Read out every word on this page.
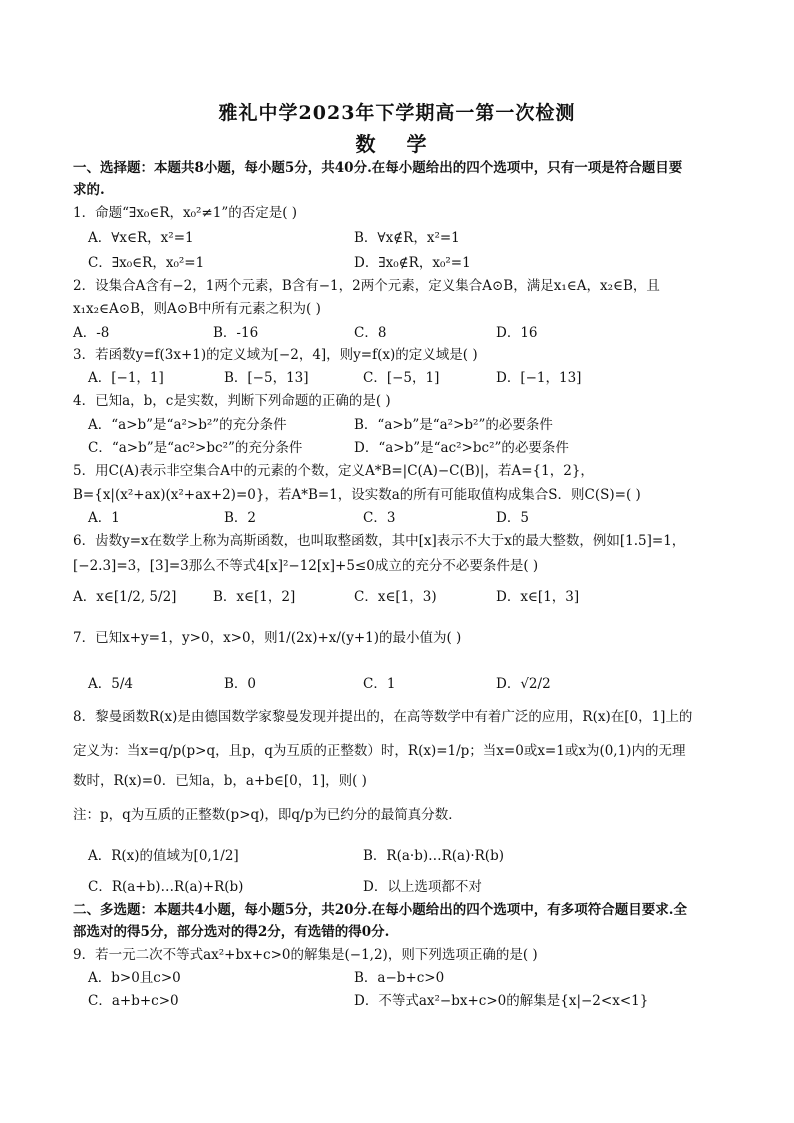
雅礼中学2023年下学期高一第一次检测
数 学
一、选择题：本题共8小题，每小题5分，共40分.在每小题给出的四个选项中，只有一项是符合题目要
求的.
1．命题“∃x₀∈R，x₀²≠1”的否定是( )
A．∀x∈R，x²=1	B．∀x∉R，x²=1
C．∃x₀∈R，x₀²=1	D．∃x₀∉R，x₀²=1
2．设集合A含有−2，1两个元素，B含有−1，2两个元素，定义集合A⊙B，满足x₁∈A，x₂∈B，且
x₁x₂∈A⊙B，则A⊙B中所有元素之积为( )
A．-8	B．-16	C．8	D．16
3．若函数y=f(3x+1)的定义域为[−2，4]，则y=f(x)的定义域是( )
A．[−1，1]	B．[−5，13]	C．[−5，1]	D．[−1，13]
4．已知a，b，c是实数，判断下列命题的正确的是( )
A．“a>b”是“a²>b²”的充分条件	B．“a>b”是“a²>b²”的必要条件
C．“a>b”是“ac²>bc²”的充分条件	D．“a>b”是“ac²>bc²”的必要条件
5．用C(A)表示非空集合A中的元素的个数，定义A*B=|C(A)−C(B)|，若A={1，2}，
B={x|(x²+ax)(x²+ax+2)=0}，若A*B=1，设实数a的所有可能取值构成集合S．则C(S)=( )
A．1	B．2	C．3	D．5
6．齿数y=x在数学上称为高斯函数，也叫取整函数，其中[x]表示不大于x的最大整数，例如[1.5]=1，
[−2.3]=3，[3]=3那么不等式4[x]²−12[x]+5≤0成立的充分不必要条件是( )
A．x∈[1/2, 5/2]	B．x∈[1，2]	C．x∈[1，3)	D．x∈[1，3]
7．已知x+y=1，y>0，x>0，则1/(2x)+x/(y+1)的最小值为( )
A．5/4	B．0	C．1	D．√2/2
8．黎曼函数R(x)是由德国数学家黎曼发现并提出的，在高等数学中有着广泛的应用，R(x)在[0，1]上的
定义为：当x=q/p(p>q，且p，q为互质的正整数）时，R(x)=1/p；当x=0或x=1或x为(0,1)内的无理
数时，R(x)=0．已知a，b，a+b∈[0，1]，则( )
注：p，q为互质的正整数(p>q)，即q/p为已约分的最简真分数．
A．R(x)的值域为[0,1/2]	B．R(a·b)…R(a)·R(b)
C．R(a+b)…R(a)+R(b)	D．以上选项都不对
二、多选题：本题共4小题，每小题5分，共20分.在每小题给出的四个选项中，有多项符合题目要求.全
部选对的得5分，部分选对的得2分，有选错的得0分.
9．若一元二次不等式ax²+bx+c>0的解集是(−1,2)，则下列选项正确的是( )
A．b>0且c>0	B．a−b+c>0
C．a+b+c>0	D．不等式ax²−bx+c>0的解集是{x|−2<x<1}
